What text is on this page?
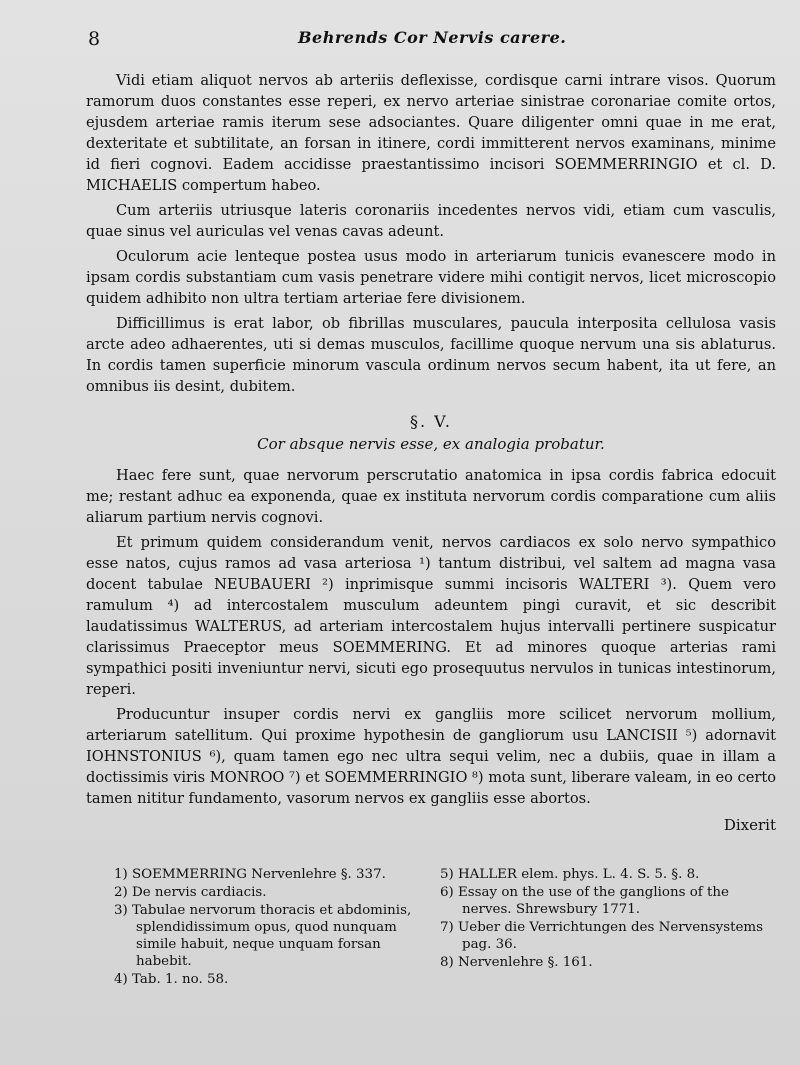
8	Behrends Cor Nervis carere.

Vidi etiam aliquot nervos ab arteriis deflexisse, cordisque carni intrare visos. Quorum ramorum duos constantes esse reperi, ex nervo arteriae sinistrae coronariae comite ortos, ejusdem arteriae ramis iterum sese adsociantes. Quare diligenter omni quae in me erat, dexteritate et subtilitate, an forsan in itinere, cordi immitterent nervos examinans, minime id fieri cognovi. Eadem accidisse praestantissimo incisori SOEMMERRINGIO et cl. D. MICHAELIS compertum habeo.

Cum arteriis utriusque lateris coronariis incedentes nervos vidi, etiam cum vasculis, quae sinus vel auriculas vel venas cavas adeunt.

Oculorum acie lenteque postea usus modo in arteriarum tunicis evanescere modo in ipsam cordis substantiam cum vasis penetrare videre mihi contigit nervos, licet microscopio quidem adhibito non ultra tertiam arteriae fere divisionem.

Difficillimus is erat labor, ob fibrillas musculares, paucula interposita cellulosa vasis arcte adeo adhaerentes, uti si demas musculos, facillime quoque nervum una sis ablaturus. In cordis tamen superficie minorum vascula ordinum nervos secum habent, ita ut fere, an omnibus iis desint, dubitem.

§. V.
Cor absque nervis esse, ex analogia probatur.

Haec fere sunt, quae nervorum perscrutatio anatomica in ipsa cordis fabrica edocuit me; restant adhuc ea exponenda, quae ex instituta nervorum cordis comparatione cum aliis aliarum partium nervis cognovi.

Et primum quidem considerandum venit, nervos cardiacos ex solo nervo sympathico esse natos, cujus ramos ad vasa arteriosa ¹) tantum distribui, vel saltem ad magna vasa docent tabulae NEUBAUERI ²) inprimisque summi incisoris WALTERI ³). Quem vero ramulum ⁴) ad intercostalem musculum adeuntem pingi curavit, et sic describit laudatissimus WALTERUS, ad arteriam intercostalem hujus intervalli pertinere suspicatur clarissimus Praeceptor meus SOEMMERING. Et ad minores quoque arterias rami sympathici positi inveniuntur nervi, sicuti ego prosequutus nervulos in tunicas intestinorum, reperi.

Producuntur insuper cordis nervi ex gangliis more scilicet nervorum mollium, arteriarum satellitum. Qui proxime hypothesin de gangliorum usu LANCISII ⁵) adornavit IOHNSTONIUS ⁶), quam tamen ego nec ultra sequi velim, nec a dubiis, quae in illam a doctissimis viris MONROO ⁷) et SOEMMERRINGIO ⁸) mota sunt, liberare valeam, in eo certo tamen nititur fundamento, vasorum nervos ex gangliis esse abortos.

Dixerit
1) SOEMMERRING Nervenlehre §. 337.
2) De nervis cardiacis.
3) Tabulae nervorum thoracis et abdominis, splendidissimum opus, quod nunquam simile habuit, neque unquam forsan habebit.
4) Tab. 1. no. 58.
5) HALLER elem. phys. L. 4. S. 5. §. 8.
6) Essay on the use of the ganglions of the nerves. Shrewsbury 1771.
7) Ueber die Verrichtungen des Nervensystems pag. 36.
8) Nervenlehre §. 161.
